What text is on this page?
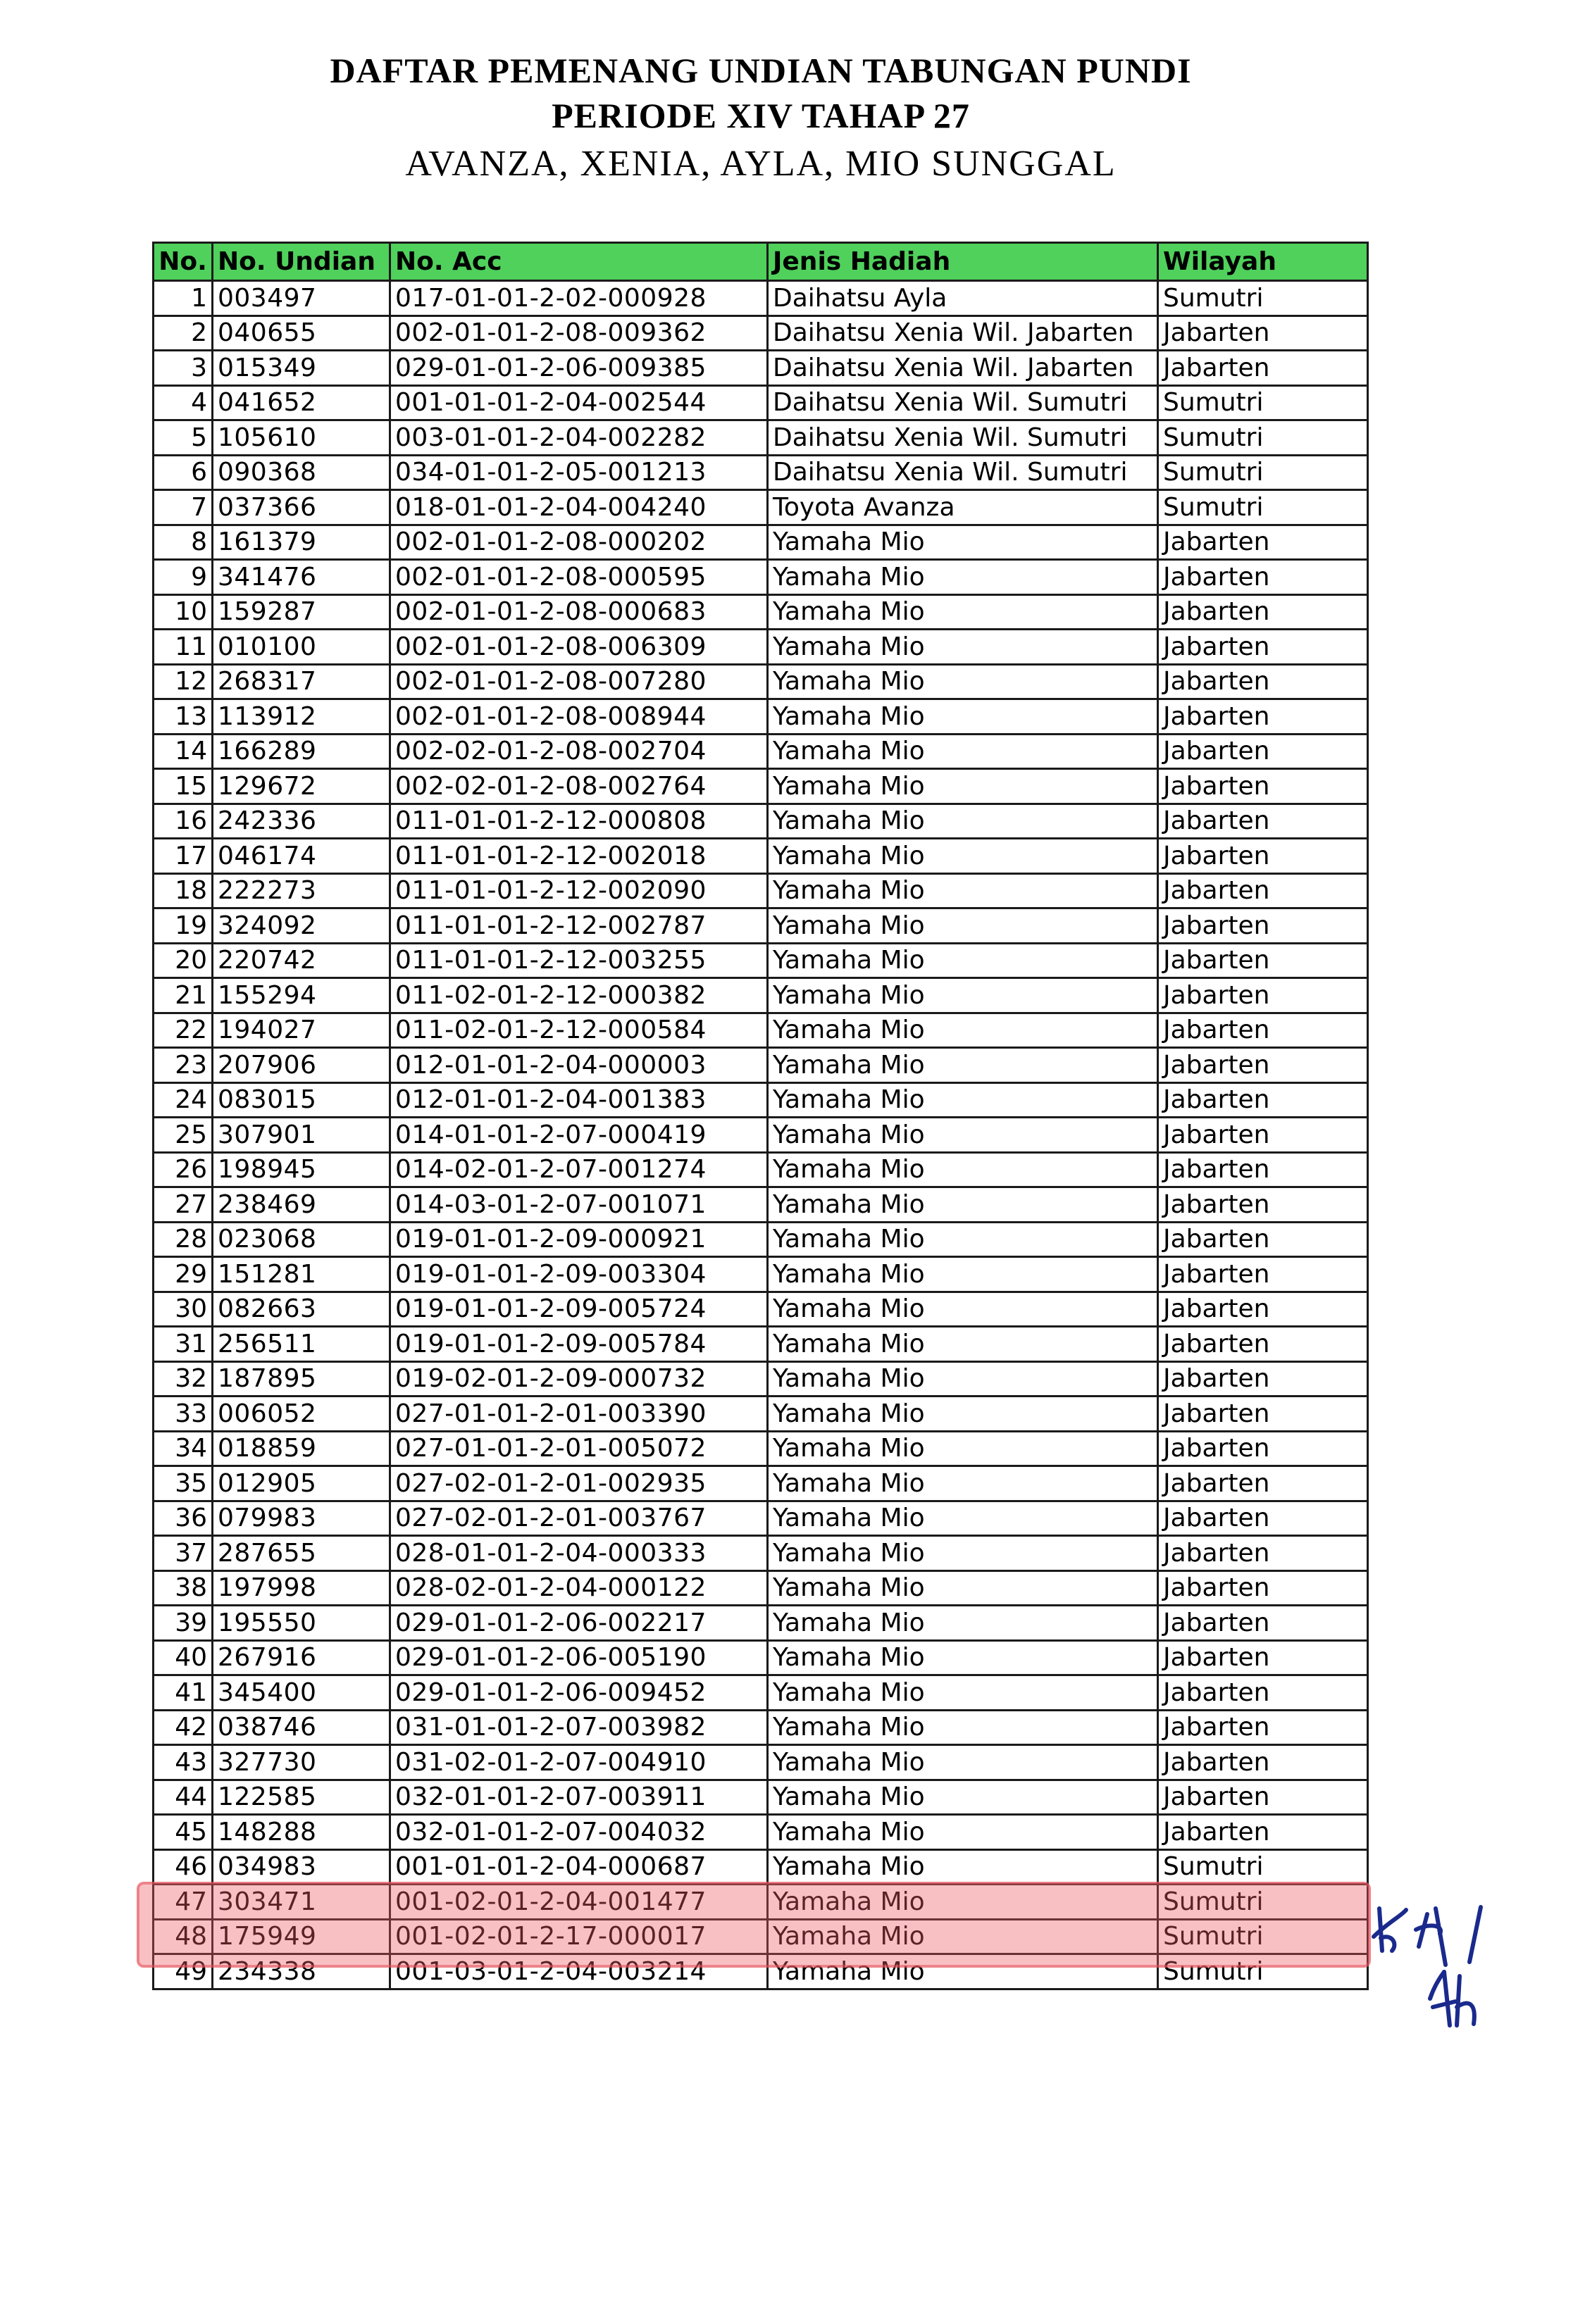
DAFTAR PEMENANG UNDIAN TABUNGAN PUNDI
PERIODE XIV TAHAP 27
AVANZA, XENIA, AYLA, MIO SUNGGAL
No.	No. Undian	No. Acc	Jenis Hadiah	Wilayah
1	003497	017-01-01-2-02-000928	Daihatsu Ayla	Sumutri
2	040655	002-01-01-2-08-009362	Daihatsu Xenia Wil. Jabarten	Jabarten
3	015349	029-01-01-2-06-009385	Daihatsu Xenia Wil. Jabarten	Jabarten
4	041652	001-01-01-2-04-002544	Daihatsu Xenia Wil. Sumutri	Sumutri
5	105610	003-01-01-2-04-002282	Daihatsu Xenia Wil. Sumutri	Sumutri
6	090368	034-01-01-2-05-001213	Daihatsu Xenia Wil. Sumutri	Sumutri
7	037366	018-01-01-2-04-004240	Toyota Avanza	Sumutri
8	161379	002-01-01-2-08-000202	Yamaha Mio	Jabarten
9	341476	002-01-01-2-08-000595	Yamaha Mio	Jabarten
10	159287	002-01-01-2-08-000683	Yamaha Mio	Jabarten
11	010100	002-01-01-2-08-006309	Yamaha Mio	Jabarten
12	268317	002-01-01-2-08-007280	Yamaha Mio	Jabarten
13	113912	002-01-01-2-08-008944	Yamaha Mio	Jabarten
14	166289	002-02-01-2-08-002704	Yamaha Mio	Jabarten
15	129672	002-02-01-2-08-002764	Yamaha Mio	Jabarten
16	242336	011-01-01-2-12-000808	Yamaha Mio	Jabarten
17	046174	011-01-01-2-12-002018	Yamaha Mio	Jabarten
18	222273	011-01-01-2-12-002090	Yamaha Mio	Jabarten
19	324092	011-01-01-2-12-002787	Yamaha Mio	Jabarten
20	220742	011-01-01-2-12-003255	Yamaha Mio	Jabarten
21	155294	011-02-01-2-12-000382	Yamaha Mio	Jabarten
22	194027	011-02-01-2-12-000584	Yamaha Mio	Jabarten
23	207906	012-01-01-2-04-000003	Yamaha Mio	Jabarten
24	083015	012-01-01-2-04-001383	Yamaha Mio	Jabarten
25	307901	014-01-01-2-07-000419	Yamaha Mio	Jabarten
26	198945	014-02-01-2-07-001274	Yamaha Mio	Jabarten
27	238469	014-03-01-2-07-001071	Yamaha Mio	Jabarten
28	023068	019-01-01-2-09-000921	Yamaha Mio	Jabarten
29	151281	019-01-01-2-09-003304	Yamaha Mio	Jabarten
30	082663	019-01-01-2-09-005724	Yamaha Mio	Jabarten
31	256511	019-01-01-2-09-005784	Yamaha Mio	Jabarten
32	187895	019-02-01-2-09-000732	Yamaha Mio	Jabarten
33	006052	027-01-01-2-01-003390	Yamaha Mio	Jabarten
34	018859	027-01-01-2-01-005072	Yamaha Mio	Jabarten
35	012905	027-02-01-2-01-002935	Yamaha Mio	Jabarten
36	079983	027-02-01-2-01-003767	Yamaha Mio	Jabarten
37	287655	028-01-01-2-04-000333	Yamaha Mio	Jabarten
38	197998	028-02-01-2-04-000122	Yamaha Mio	Jabarten
39	195550	029-01-01-2-06-002217	Yamaha Mio	Jabarten
40	267916	029-01-01-2-06-005190	Yamaha Mio	Jabarten
41	345400	029-01-01-2-06-009452	Yamaha Mio	Jabarten
42	038746	031-01-01-2-07-003982	Yamaha Mio	Jabarten
43	327730	031-02-01-2-07-004910	Yamaha Mio	Jabarten
44	122585	032-01-01-2-07-003911	Yamaha Mio	Jabarten
45	148288	032-01-01-2-07-004032	Yamaha Mio	Jabarten
46	034983	001-01-01-2-04-000687	Yamaha Mio	Sumutri
47	303471	001-02-01-2-04-001477	Yamaha Mio	Sumutri
48	175949	001-02-01-2-17-000017	Yamaha Mio	Sumutri
49	234338	001-03-01-2-04-003214	Yamaha Mio	Sumutri
